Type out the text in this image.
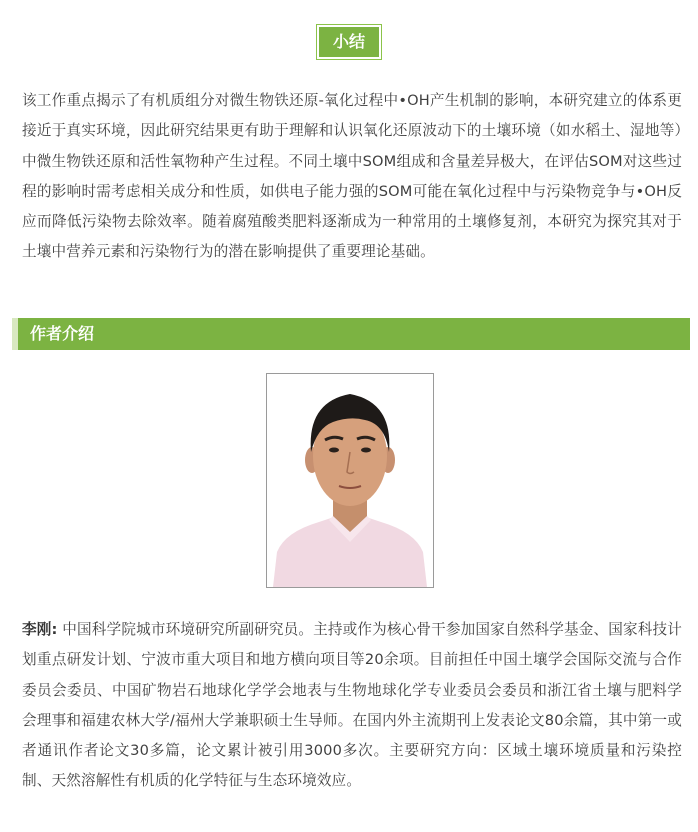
小结

该工作重点揭示了有机质组分对微生物铁还原-氧化过程中•OH产生机制的影响，本研究建立的体系更接近于真实环境，因此研究结果更有助于理解和认识氧化还原波动下的土壤环境（如水稻土、湿地等）中微生物铁还原和活性氧物种产生过程。不同土壤中SOM组成和含量差异极大，在评估SOM对这些过程的影响时需考虑相关成分和性质，如供电子能力强的SOM可能在氧化过程中与污染物竞争与•OH反应而降低污染物去除效率。随着腐殖酸类肥料逐渐成为一种常用的土壤修复剂，本研究为探究其对于土壤中营养元素和污染物行为的潜在影响提供了重要理论基础。

作者介绍

李刚: 中国科学院城市环境研究所副研究员。主持或作为核心骨干参加国家自然科学基金、国家科技计划重点研发计划、宁波市重大项目和地方横向项目等20余项。目前担任中国土壤学会国际交流与合作委员会委员、中国矿物岩石地球化学学会地表与生物地球化学专业委员会委员和浙江省土壤与肥料学会理事和福建农林大学/福州大学兼职硕士生导师。在国内外主流期刊上发表论文80余篇，其中第一或者通讯作者论文30多篇，论文累计被引用3000多次。主要研究方向：区域土壤环境质量和污染控制、天然溶解性有机质的化学特征与生态环境效应。
